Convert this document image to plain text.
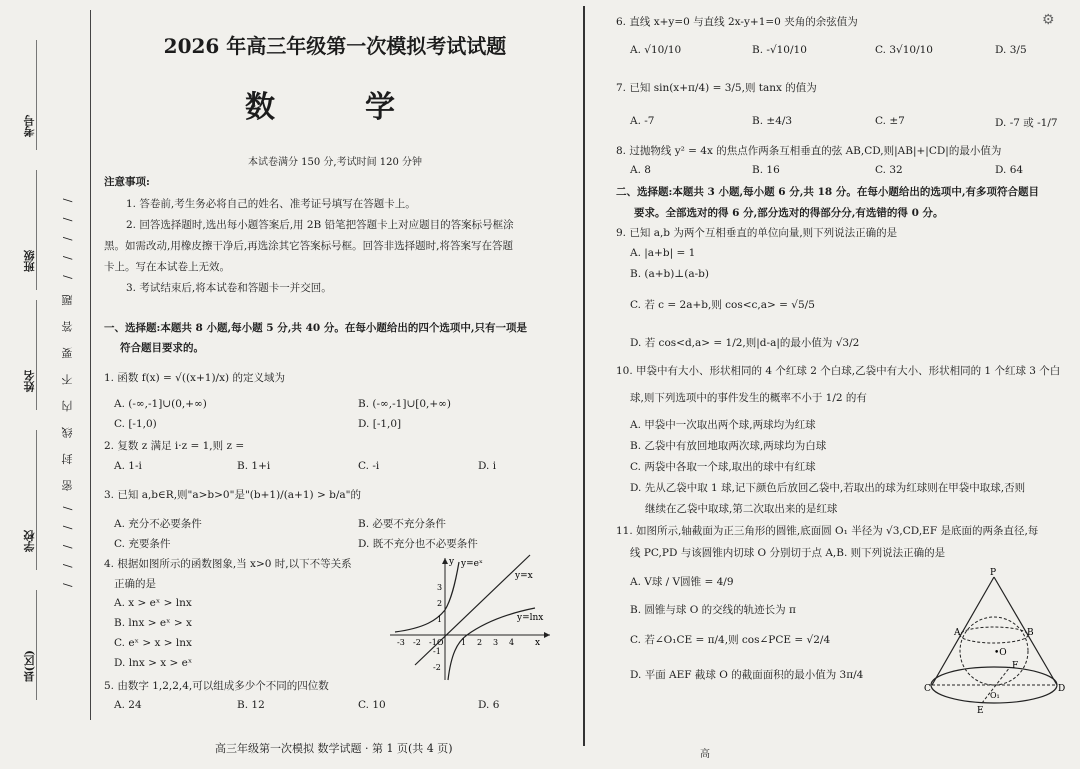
考号
班级
姓名
学校
县(区)
/ / / / / 密 封 线 内 不 要 答 题 / / / / /
⚙
2026 年高三年级第一次模拟考试试题
数　学
本试卷满分 150 分,考试时间 120 分钟
注意事项:
1. 答卷前,考生务必将自己的姓名、准考证号填写在答题卡上。
2. 回答选择题时,选出每小题答案后,用 2B 铅笔把答题卡上对应题目的答案标号框涂
黑。如需改动,用橡皮擦干净后,再选涂其它答案标号框。回答非选择题时,将答案写在答题
卡上。写在本试卷上无效。
3. 考试结束后,将本试卷和答题卡一并交回。
一、选择题:本题共 8 小题,每小题 5 分,共 40 分。在每小题给出的四个选项中,只有一项是
符合题目要求的。
1. 函数 f(x) = √((x+1)/x) 的定义域为
A. (-∞,-1]∪(0,+∞)	B. (-∞,-1]∪[0,+∞)
C. [-1,0)	D. [-1,0]
2. 复数 z 满足 i·z = 1,则 z =
A. 1-i	B. 1+i	C. -i	D. i
3. 已知 a,b∈R,则"a>b>0"是"(b+1)/(a+1) > b/a"的
A. 充分不必要条件	B. 必要不充分条件
C. 充要条件	D. 既不充分也不必要条件
4. 根据如图所示的函数图象,当 x>0 时,以下不等关系
正确的是
A. x > eˣ > lnx
B. lnx > eˣ > x
C. eˣ > x > lnx
D. lnx > x > eˣ
5. 由数字 1,2,2,4,可以组成多少个不同的四位数
A. 24	B. 12	C. 10	D. 6
x
y y=eˣ
y=x
y=lnx
-3 -2 -1 O 1 2 3 4
3
2
1
-1
-2
6. 直线 x+y=0 与直线 2x-y+1=0 夹角的余弦值为
A. √10/10	B. -√10/10	C. 3√10/10	D. 3/5
7. 已知 sin(x+π/4) = 3/5,则 tanx 的值为
A. -7	B. ±4/3	C. ±7	D. -7 或 -1/7
8. 过抛物线 y² = 4x 的焦点作两条互相垂直的弦 AB,CD,则|AB|+|CD|的最小值为
A. 8	B. 16	C. 32	D. 64
二、选择题:本题共 3 小题,每小题 6 分,共 18 分。在每小题给出的选项中,有多项符合题目
要求。全部选对的得 6 分,部分选对的得部分分,有选错的得 0 分。
9. 已知 a,b 为两个互相垂直的单位向量,则下列说法正确的是
A. |a+b| = 1
B. (a+b)⊥(a-b)
C. 若 c = 2a+b,则 cos<c,a> = √5/5
D. 若 cos<d,a> = 1/2,则|d-a|的最小值为 √3/2
10. 甲袋中有大小、形状相同的 4 个红球 2 个白球,乙袋中有大小、形状相同的 1 个红球 3 个白
球,则下列选项中的事件发生的概率不小于 1/2 的有
A. 甲袋中一次取出两个球,两球均为红球
B. 乙袋中有放回地取两次球,两球均为白球
C. 两袋中各取一个球,取出的球中有红球
D. 先从乙袋中取 1 球,记下颜色后放回乙袋中,若取出的球为红球则在甲袋中取球,否则
继续在乙袋中取球,第二次取出来的是红球
11. 如图所示,轴截面为正三角形的圆锥,底面圆 O₁ 半径为 √3,CD,EF 是底面的两条直径,每
线 PC,PD 与该圆锥内切球 O 分别切于点 A,B. 则下列说法正确的是
A. V球 / V圆锥 = 4/9
B. 圆锥与球 O 的交线的轨迹长为 π
C. 若∠O₁CE = π/4,则 cos∠PCE = √2/4
D. 平面 AEF 截球 O 的截面面积的最小值为 3π/4
P
A	B
•O
C	D
E
F
O₁
高三年级第一次模拟 数学试题 · 第 1 页(共 4 页)	高
